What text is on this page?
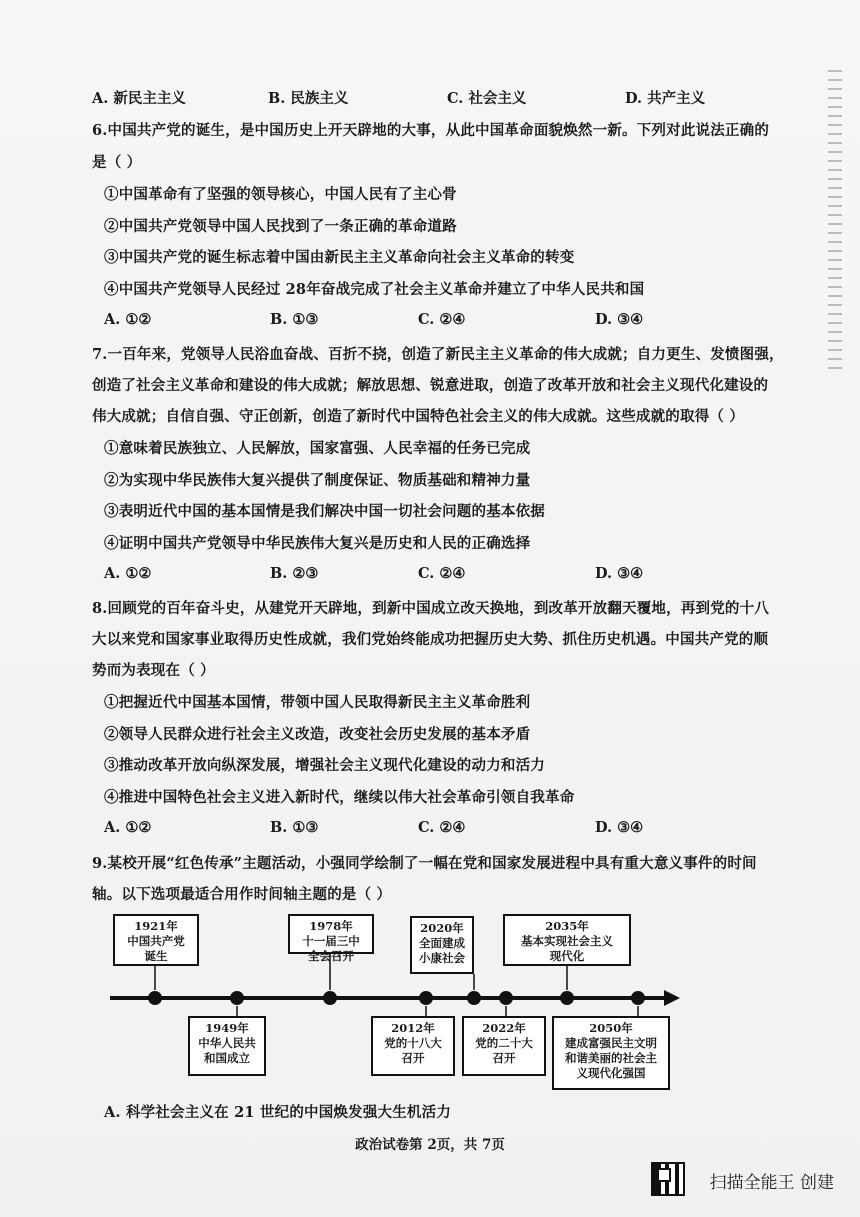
A. 新民主主义	B. 民族主义	C. 社会主义	D. 共产主义
6.中国共产党的诞生，是中国历史上开天辟地的大事，从此中国革命面貌焕然一新。下列对此说法正确的
是（ ）
①中国革命有了坚强的领导核心，中国人民有了主心骨
②中国共产党领导中国人民找到了一条正确的革命道路
③中国共产党的诞生标志着中国由新民主主义革命向社会主义革命的转变
④中国共产党领导人民经过 28年奋战完成了社会主义革命并建立了中华人民共和国
A. ①②	B. ①③	C. ②④	D. ③④
7.一百年来，党领导人民浴血奋战、百折不挠，创造了新民主主义革命的伟大成就；自力更生、发愤图强，
创造了社会主义革命和建设的伟大成就；解放思想、锐意进取，创造了改革开放和社会主义现代化建设的
伟大成就；自信自强、守正创新，创造了新时代中国特色社会主义的伟大成就。这些成就的取得（ ）
①意味着民族独立、人民解放，国家富强、人民幸福的任务已完成
②为实现中华民族伟大复兴提供了制度保证、物质基础和精神力量
③表明近代中国的基本国情是我们解决中国一切社会问题的基本依据
④证明中国共产党领导中华民族伟大复兴是历史和人民的正确选择
A. ①②	B. ②③	C. ②④	D. ③④
8.回顾党的百年奋斗史，从建党开天辟地，到新中国成立改天换地，到改革开放翻天覆地，再到党的十八
大以来党和国家事业取得历史性成就，我们党始终能成功把握历史大势、抓住历史机遇。中国共产党的顺
势而为表现在（ ）
①把握近代中国基本国情，带领中国人民取得新民主主义革命胜利
②领导人民群众进行社会主义改造，改变社会历史发展的基本矛盾
③推动改革开放向纵深发展，增强社会主义现代化建设的动力和活力
④推进中国特色社会主义进入新时代，继续以伟大社会革命引领自我革命
A. ①②	B. ①③	C. ②④	D. ③④
9.某校开展“红色传承”主题活动，小强同学绘制了一幅在党和国家发展进程中具有重大意义事件的时间
轴。以下选项最适合用作时间轴主题的是（ ）
1921年
中国共产党
诞生
1978年
十一届三中
全会召开
2020年
全面建成
小康社会
2035年
基本实现社会主义
现代化
1949年
中华人民共
和国成立
2012年
党的十八大
召开
2022年
党的二十大
召开
2050年
建成富强民主文明
和谐美丽的社会主
义现代化强国
A. 科学社会主义在 21 世纪的中国焕发强大生机活力
政治试卷第 2页，共 7页
扫描全能王 创建
